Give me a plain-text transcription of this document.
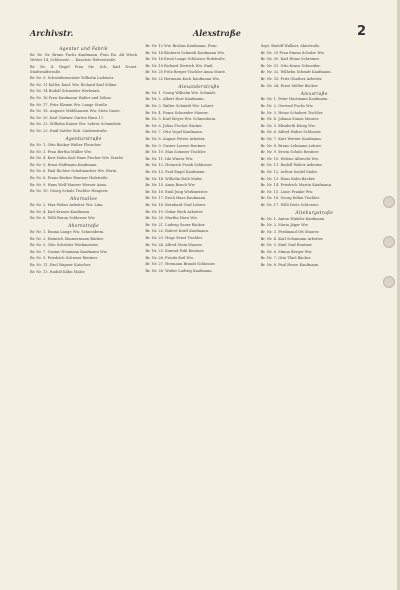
Archivstr.	Alexstraße	2
Agentur und Fabrik

Br. Nr. Nr. Bruno Fuchs Kaufmann, Frau Ha. Alt Wieck Wetter 14, Schlossstr. ... Kunststr. Ritterstraße.

Br. Nr. 4. Regel Frau Str. Sch. Karl Neust. Stadtwaldstraße.

Br. Nr. 5. Schneidermeister Wilhelm Ladenstr.

Br. Nr. 11 Keller, Kauf. Ww. Richard Karl Söhne.

Br. Nr. 14 Rudolf Schneider Werkstatt.

Br. Nr. 16 Frau Kaufmann Walter und Söhne.

Br. Nr. 17. Fritz Klemm Ww. Lange Straße.

Br. Nr. 18. Auguste Mühlhausen Ww. Meta Gasse.

Br. Nr. 20. Karl Gärtner Garten Haus 17.

Br. Nr. 22. Wilhelm Kaiser Ww. Lehrer Schmidtstr.

Br. Nr. 23. Emil Sattler Rob. Lindenstraße.

Agenturstraße

Br. Nr. 1. Otto Bäcker Walter Fleischer.

Br. Nr. 3. Frau Bertha Müller Ww.

Br. Nr. 4. Kurt Hahn Karl Hans Fischer Ww. Straße.

Br. Nr. 5. Ernst Hoffmann Kaufmann.

Br. Nr. 6. Paul Richter Schuhmacher Ww. Berta.

Br. Nr. 8. Franz Becker Rentner Hofstraße.

Br. Nr. 9. Hans Wolf Maurer Werner Anna.

Br. Nr. 10. Georg Schulz Tischler Hauptstr.

Ahornallee

Br. Nr. 2. Max Weber Arbeiter Ww. Lina.

Br. Nr. 4. Karl Krause Kaufmann.

Br. Nr. 6. Willi Braun Schlosser Ww.

Ahornstraße

Br. Nr. 1. Emma Lange Ww. Schneiderin.

Br. Nr. 3. Heinrich Zimmermann Bäcker.

Br. Nr. 5. Otto Schröder Werkmeister.

Br. Nr. 7. Gustav Neumann Kaufmann Ww.

Br. Nr. 9. Friedrich Schwarz Rentner.

Br. Nr. 11. Paul Wagner Kutscher.

Br. Nr. 13. Rudolf Kühn Maler.

Br. Nr. 12 Ww. Bruhns Kaufmann, Frau.

Br. Nr. 14 Bäckerei Schmidt Kaufmann Ww.

Br. Nr. 16 Ernst Lange Schlosser Hofstraße.

Br. Nr. 18 Richard Dietrich Ww. Emil.

Br. Nr. 20 Fritz Berger Tischler Anna Marie.

Br. Nr. 22 Hermann Koch Kaufmann Ww.

Alexanderstraße

Br. Nr. 1. Georg Wilhelm Ww. Schmidt.

Br. Nr. 2. Albert Hart Kaufmann.

Br. Nr. 3. Walter Schmidt Ww. Lehrer.

Br. Nr. 4. Franz Schneider Maurer.

Br. Nr. 5. Karl Meyer Ww. Schneiderin.

Br. Nr. 6. Julius Fischer Bäcker.

Br. Nr. 7. Otto Vogel Kaufmann.

Br. Nr. 8. August Peters Arbeiter.

Br. Nr. 9. Gustav Lorenz Rentner.

Br. Nr. 10. Max Sommer Tischler.

Br. Nr. 11. Ida Winter Ww.

Br. Nr. 12. Heinrich Frank Schlosser.

Br. Nr. 13. Paul Engel Kaufmann.

Br. Nr. 14. Wilhelm Roth Maler.

Br. Nr. 15. Anna Busch Ww.

Br. Nr. 16. Emil Jung Werkmeister.

Br. Nr. 17. Erich Haas Kaufmann.

Br. Nr. 18. Bernhard Graf Lehrer.

Br. Nr. 19. Oskar Beck Arbeiter.

Br. Nr. 20. Martha Horn Ww.

Br. Nr. 21. Ludwig Sauer Bäcker.

Br. Nr. 22. Robert Kraft Kaufmann.

Br. Nr. 23. Hugo Ernst Tischler.

Br. Nr. 24. Alfred Stein Maurer.

Br. Nr. 25. Konrad Pohl Rentner.

Br. Nr. 26. Frieda Keil Ww.

Br. Nr. 27. Hermann Brandt Schlosser.

Br. Nr. 28. Walter Ludwig Kaufmann.

Sept. Rudolf Wallner, Ahnstraße.

Br. Nr. 29 Frau Emma Schulze Ww.

Br. Nr. 30. Karl Heinz Schreiner.

Br. Nr. 31. Otto Kraus Schneider.

Br. Nr. 32. Wilhelm Schmitt Kaufmann.

Br. Nr. 33. Fritz Günther Arbeiter.

Br. Nr. 34. Ernst Möller Bäcker.

Alexstraße

Br. Nr. 1. Peter Hartmann Kaufmann.

Br. Nr. 2. Gertrud Fuchs Ww.

Br. Nr. 3. Heinz Schubert Tischler.

Br. Nr. 4. Johann Simon Maurer.

Br. Nr. 5. Elisabeth König Ww.

Br. Nr. 6. Alfred Huber Schlosser.

Br. Nr. 7. Kurt Werner Kaufmann.

Br. Nr. 8. Bruno Lehmann Lehrer.

Br. Nr. 9. Erwin Schulz Rentner.

Br. Nr. 10. Helene Albrecht Ww.

Br. Nr. 11. Rudolf Walter Arbeiter.

Br. Nr. 12. Arthur Seidel Maler.

Br. Nr. 13. Hans Kuhn Bäcker.

Br. Nr. 14. Friedrich Martin Kaufmann.

Br. Nr. 15. Luise Franke Ww.

Br. Nr. 16. Georg Böhm Tischler.

Br. Nr. 17. Willi Dietz Schlosser.

Alteburgstraße

Br. Nr. 1. Anton Winkler Kaufmann.

Br. Nr. 2. Maria Jäger Ww.

Br. Nr. 3. Ferdinand Ott Maurer.

Br. Nr. 4. Karl Schumann Arbeiter.

Br. Nr. 5. Emil Graf Rentner.

Br. Nr. 6. Minna Berger Ww.

Br. Nr. 7. Otto Thiel Bäcker.

Br. Nr. 8. Paul Hesse Kaufmann.
